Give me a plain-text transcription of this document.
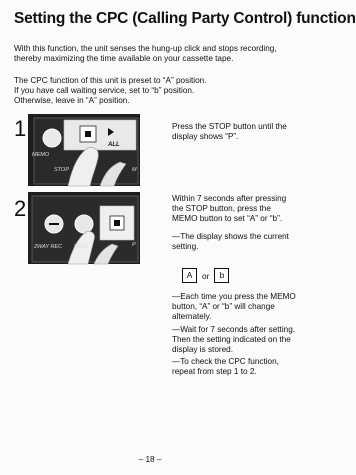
Setting the CPC (Calling Party Control) function
With this function, the unit senses the hung-up click and stops recording, thereby maximizing the time available on your cassette tape.
The CPC function of this unit is preset to “A” position.
If you have call waiting service, set to “b” position.
Otherwise, leave in “A” position.
1
MEMO
STOP
ALL
M
Press the STOP button until the display shows “P”.
2
2WAY REC MEM	P
Within 7 seconds after pressing the STOP button, press the MEMO button to set “A” or “b”.
—The display shows the current setting.
A	or	b
—Each time you press the MEMO button, “A” or “b” will change alternately.
—Wait for 7 seconds after setting. Then the setting indicated on the display is stored.
—To check the CPC function, repeat from step 1 to 2.
– 18 –
